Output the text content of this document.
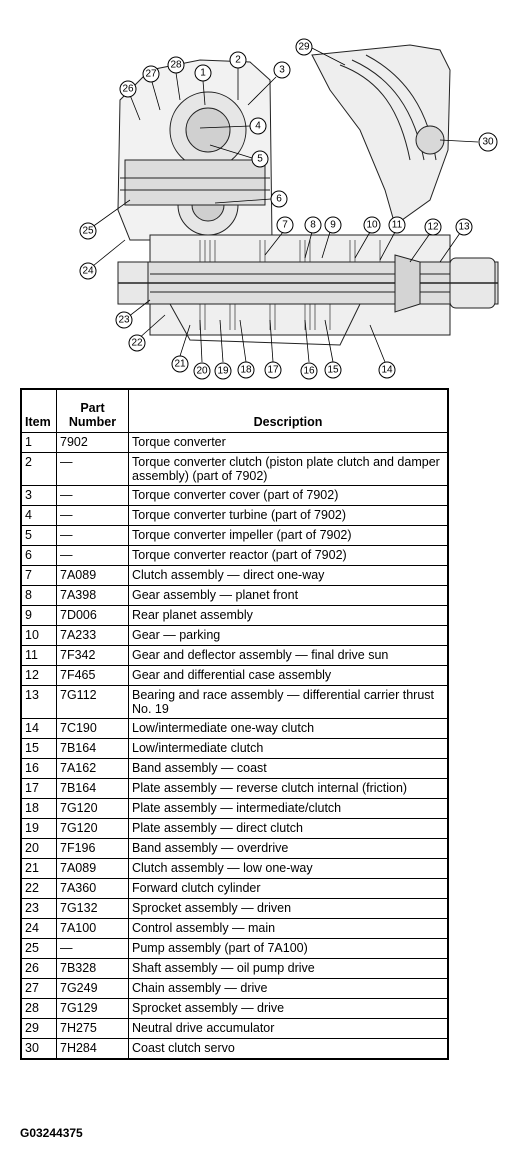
1
2
3
4
5
6
7 8 9	10 11	12 13
14
15
16
17
18
19
20
21
22
23
24
25
26
27
28
29
30
Item	Part Number	Description
1	7902	Torque converter
2	—	Torque converter clutch (piston plate clutch and damper assembly) (part of 7902)
3	—	Torque converter cover (part of 7902)
4	—	Torque converter turbine (part of 7902)
5	—	Torque converter impeller (part of 7902)
6	—	Torque converter reactor (part of 7902)
7	7A089	Clutch assembly — direct one-way
8	7A398	Gear assembly — planet front
9	7D006	Rear planet assembly
10	7A233	Gear — parking
11	7F342	Gear and deflector assembly — final drive sun
12	7F465	Gear and differential case assembly
13	7G112	Bearing and race assembly — differential carrier thrust No. 19
14	7C190	Low/intermediate one-way clutch
15	7B164	Low/intermediate clutch
16	7A162	Band assembly — coast
17	7B164	Plate assembly — reverse clutch internal (friction)
18	7G120	Plate assembly — intermediate/clutch
19	7G120	Plate assembly — direct clutch
20	7F196	Band assembly — overdrive
21	7A089	Clutch assembly — low one-way
22	7A360	Forward clutch cylinder
23	7G132	Sprocket assembly — driven
24	7A100	Control assembly — main
25	—	Pump assembly (part of 7A100)
26	7B328	Shaft assembly — oil pump drive
27	7G249	Chain assembly — drive
28	7G129	Sprocket assembly — drive
29	7H275	Neutral drive accumulator
30	7H284	Coast clutch servo
G03244375
